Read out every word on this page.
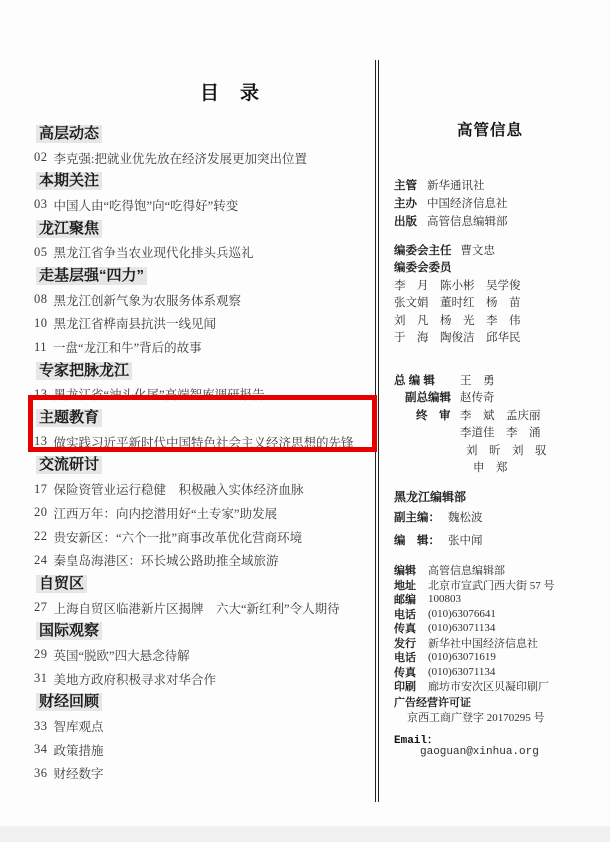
目　录
高层动态
02 李克强:把就业优先放在经济发展更加突出位置
本期关注
03 中国人由“吃得饱”向“吃得好”转变
龙江聚焦
05 黑龙江省争当农业现代化排头兵巡礼
走基层强“四力”
08 黑龙江创新气象为农服务体系观察
10 黑龙江省桦南县抗洪一线见闻
11 一盘“龙江和牛”背后的故事
专家把脉龙江
13 黑龙江省“油头化尾”高端智库调研报告
主题教育
13 做实践习近平新时代中国特色社会主义经济思想的先锋
交流研讨
17 保险资管业运行稳健　积极融入实体经济血脉
20 江西万年：向内挖潜用好“土专家”助发展
22 贵安新区：“六个一批”商事改革优化营商环境
24 秦皇岛海港区：环长城公路助推全域旅游
自贸区
27 上海自贸区临港新片区揭牌　六大“新红利”令人期待
国际观察
29 英国“脱欧”四大悬念待解
31 美地方政府积极寻求对华合作
财经回顾
33 智库观点
34 政策措施
36 财经数字
高管信息
主管 新华通讯社
主办 中国经济信息社
出版 高管信息编辑部
编委会主任 曹文忠
编委会委员
李　月　陈小彬　吴学俊
张文娟　董时红　杨　苗
刘　凡　杨　光　李　伟
于　海　陶俊洁　邱华民
总 编 辑	王　勇
副总编辑 赵传奇
终　审 李　斌　孟庆丽
李道佳　李　涌
刘　昕　刘　驭
申　郑
黑龙江编辑部
副主编： 魏松波
编　辑： 张中闻
编辑	高管信息编辑部
地址	北京市宣武门西大街 57 号
邮编	100803
电话	(010)63076641
传真	(010)63071134
发行	新华社中国经济信息社
电话	(010)63071619
传真	(010)63071134
印刷	廊坊市安次区贝凝印刷厂
广告经营许可证
京西工商广登字 20170295 号
Email：
gaoguan@xinhua.org
